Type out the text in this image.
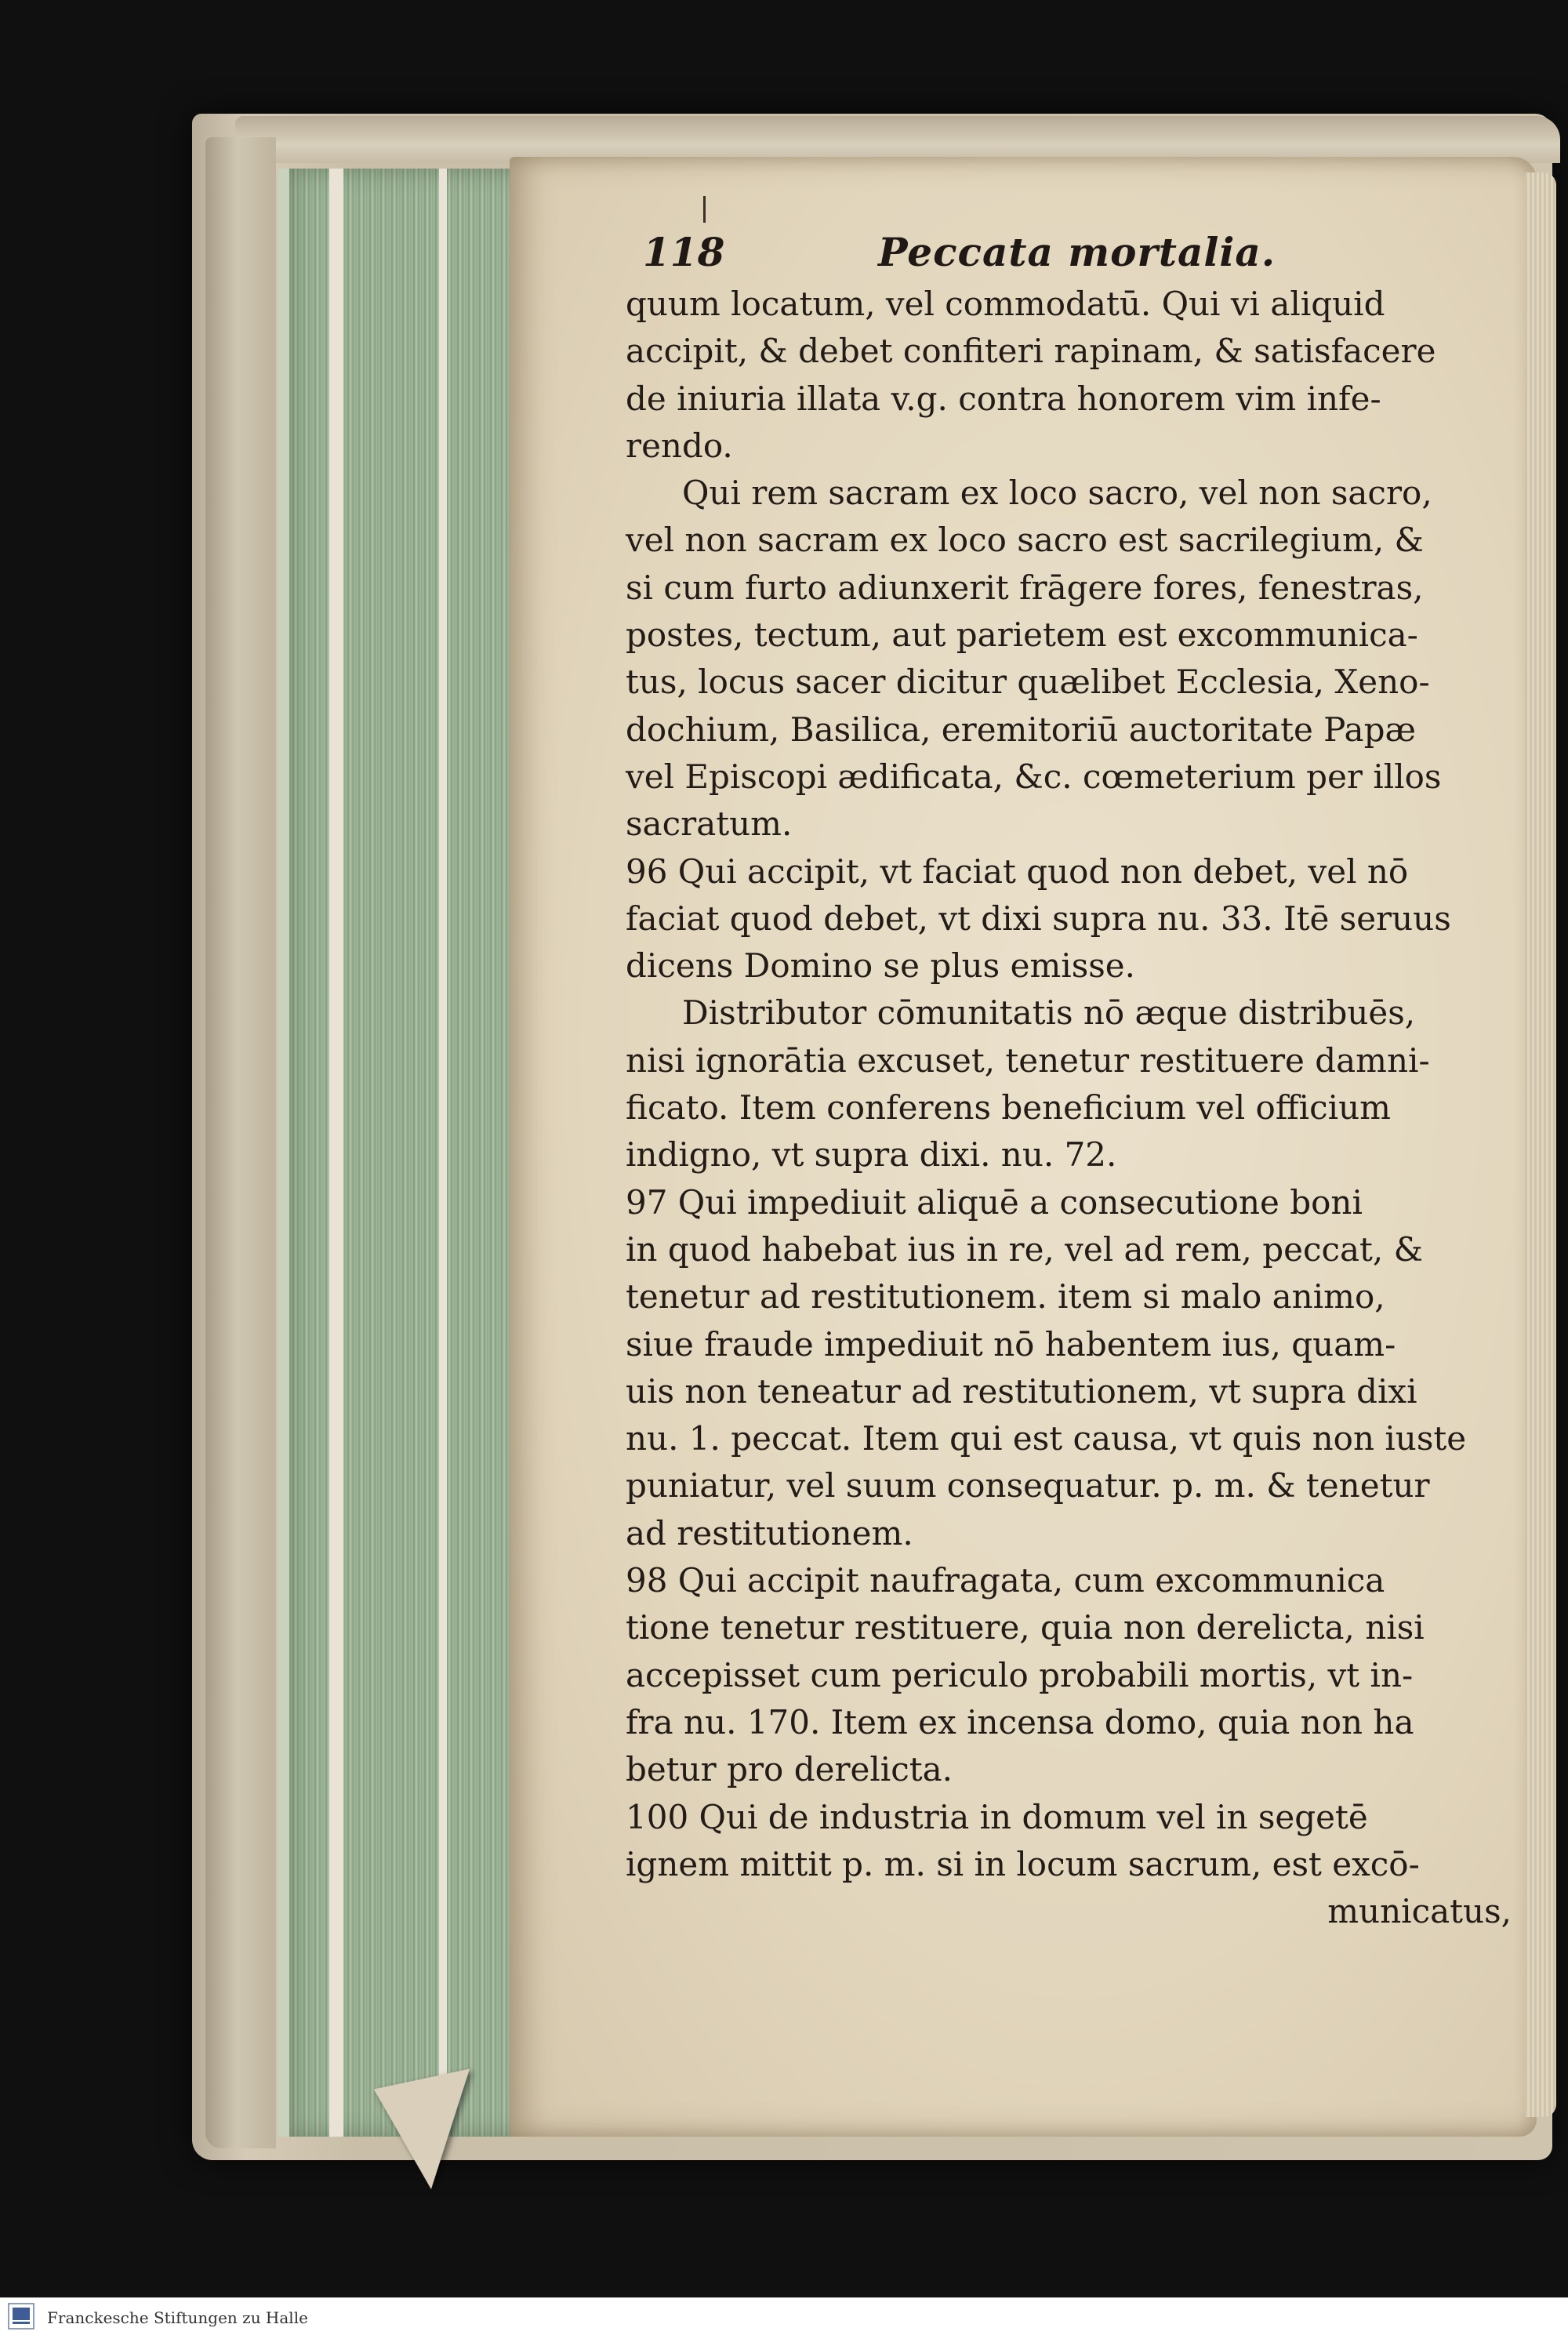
118	Peccata mortalia.
quum locatum, vel commodatū. Qui vi aliquid
accipit, & debet confiteri rapinam, & satisfacere
de iniuria illata v.g. contra honorem vim infe-
rendo.
Qui rem sacram ex loco sacro, vel non sacro,
vel non sacram ex loco sacro est sacrilegium, &
si cum furto adiunxerit frāgere fores, fenestras,
postes, tectum, aut parietem est excommunica-
tus, locus sacer dicitur quælibet Ecclesia, Xeno-
dochium, Basilica, eremitoriū auctoritate Papæ
vel Episcopi ædificata, &c. cœmeterium per illos
sacratum.
96 Qui accipit, vt faciat quod non debet, vel nō
faciat quod debet, vt dixi supra nu. 33. Itē seruus
dicens Domino se plus emisse.
Distributor cōmunitatis nō æque distribuēs,
nisi ignorātia excuset, tenetur restituere damni-
ficato. Item conferens beneficium vel officium
indigno, vt supra dixi. nu. 72.
97 Qui impediuit aliquē a consecutione boni
in quod habebat ius in re, vel ad rem, peccat, &
tenetur ad restitutionem. item si malo animo,
siue fraude impediuit nō habentem ius, quam-
uis non teneatur ad restitutionem, vt supra dixi
nu. 1. peccat. Item qui est causa, vt quis non iuste
puniatur, vel suum consequatur. p. m. & tenetur
ad restitutionem.
98 Qui accipit naufragata, cum excommunica
tione tenetur restituere, quia non derelicta, nisi
accepisset cum periculo probabili mortis, vt in-
fra nu. 170. Item ex incensa domo, quia non ha
betur pro derelicta.
100 Qui de industria in domum vel in segetē
ignem mittit p. m. si in locum sacrum, est excō-
municatus,
Franckesche Stiftungen zu Halle
